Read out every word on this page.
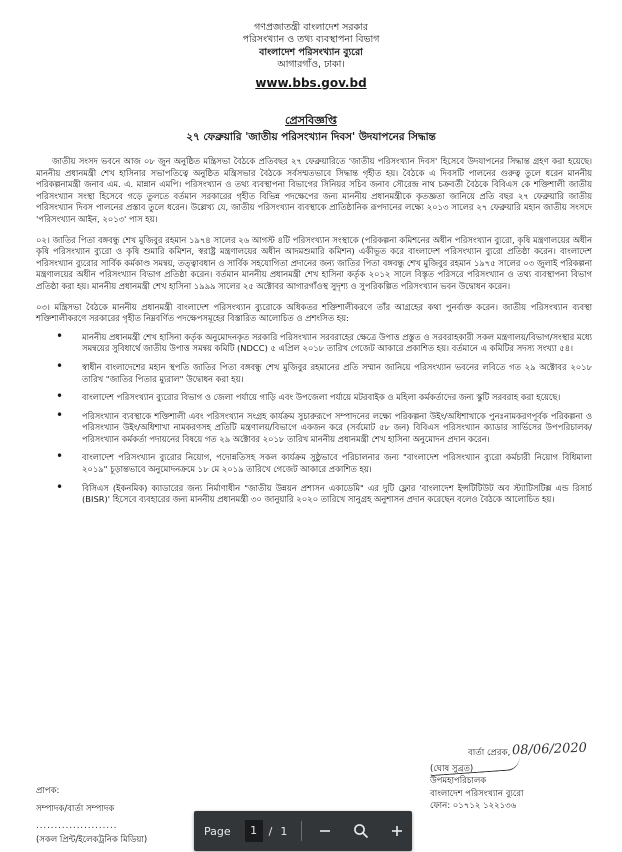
গণপ্রজাতন্ত্রী বাংলাদেশ সরকার
পরিসংখ্যান ও তথ্য ব্যবস্থাপনা বিভাগ
বাংলাদেশ পরিসংখ্যান ব্যুরো
আগারগাঁও, ঢাকা।
www.bbs.gov.bd
প্রেসবিজ্ঞপ্তি
২৭ ফেব্রুয়ারি 'জাতীয় পরিসংখ্যান দিবস' উদযাপনের সিদ্ধান্ত

জাতীয় সংসদ ভবনে আজ ০৮ জুন অনুষ্ঠিত মন্ত্রিসভা বৈঠকে প্রতিবছর ২৭ ফেব্রুয়ারিতে 'জাতীয় পরিসংখ্যান দিবস' হিসেবে উদযাপনের সিদ্ধান্ত গ্রহণ করা হয়েছে। মাননীয় প্রধানমন্ত্রী শেখ হাসিনার সভাপতিত্বে অনুষ্ঠিত মন্ত্রিসভার বৈঠকে সর্বসম্মতভাবে সিদ্ধান্ত গৃহীত হয়। বৈঠকে এ দিবসটি পালনের গুরুত্ব তুলে ধরেন মাননীয় পরিকল্পনামন্ত্রী জনাব এম. এ. মান্নান এমপি। পরিসংখ্যান ও তথ্য ব্যবস্থাপনা বিভাগের সিনিয়র সচিব জনাব সৌরেন্দ্র নাথ চক্রবর্তী বৈঠকে বিবিএস কে শক্তিশালী জাতীয় পরিসংখ্যান সংস্থা হিসেবে গড়ে তুলতে বর্তমান সরকারের গৃহীত বিভিন্ন পদক্ষেপের জন্য মাননীয় প্রধানমন্ত্রীকে কৃতজ্ঞতা জানিয়ে প্রতি বছর ২৭ ফেব্রুয়ারি জাতীয় পরিসংখ্যান দিবস পালনের প্রস্তাব তুলে ধরেন। উল্লেখ্য যে, জাতীয় পরিসংখ্যান ব্যবস্থাকে প্রাতিষ্ঠানিক রূপদানের লক্ষ্যে ২০১৩ সালের ২৭ ফেব্রুয়ারি মহান জাতীয় সংসদে 'পরিসংখ্যান আইন, ২০১৩' পাস হয়।

০২। জাতির পিতা বঙ্গবন্ধু শেখ মুজিবুর রহমান ১৯৭৪ সালের ২৬ আগস্ট ৪টি পরিসংখ্যান সংস্থাকে (পরিকল্পনা কমিশনের অধীন পরিসংখ্যান ব্যুরো, কৃষি মন্ত্রণালয়ের অধীন কৃষি পরিসংখ্যান ব্যুরো ও কৃষি শুমারি কমিশন, স্বরাষ্ট্র মন্ত্রণালয়ের অধীন আদমশুমারি কমিশন) একীভূত করে বাংলাদেশ পরিসংখ্যান ব্যুরো প্রতিষ্ঠা করেন। বাংলাদেশ পরিসংখ্যান ব্যুরোর সার্বিক কর্মকাণ্ড সমন্বয়, তত্ত্বাবধান ও সার্বিক সহযোগিতা প্রদানের জন্য জাতির পিতা বঙ্গবন্ধু শেখ মুজিবুর রহমান ১৯৭৫ সালের ০৩ জুলাই পরিকল্পনা মন্ত্রণালয়ের অধীন পরিসংখ্যান বিভাগ প্রতিষ্ঠা করেন। বর্তমান মাননীয় প্রধানমন্ত্রী শেখ হাসিনা কর্তৃক ২০১২ সালে বিস্তৃত পরিসরে পরিসংখ্যান ও তথ্য ব্যবস্থাপনা বিভাগ প্রতিষ্ঠা করা হয়। মাননীয় প্রধানমন্ত্রী শেখ হাসিনা ১৯৯৯ সালের ২৫ অক্টোবর আগারগাঁওস্থ সুদৃশ্য ও সুপরিকল্পিত পরিসংখ্যান ভবন উদ্বোধন করেন।

০৩। মন্ত্রিসভা বৈঠকে মাননীয় প্রধানমন্ত্রী বাংলাদেশ পরিসংখ্যান ব্যুরোকে অধিকতর শক্তিশালীকরণে তাঁর আগ্রহের কথা পুনর্ব্যক্ত করেন। জাতীয় পরিসংখ্যান ব্যবস্থা শক্তিশালীকরণে সরকারের গৃহীত নিম্নবর্ণিত পদক্ষেপসমূহের বিস্তারিত আলোচিত ও প্রশংসিত হয়:

• মাননীয় প্রধানমন্ত্রী শেখ হাসিনা কর্তৃক অনুমোদনকৃত সরকারি পরিসংখ্যান সরবরাহের ক্ষেত্রে উপাত্ত প্রস্তুত ও সরবরাহকারী সকল মন্ত্রণালয়/বিভাগ/সংস্থার মধ্যে সমন্বয়ের সুবিধার্থে জাতীয় উপাত্ত সমন্বয় কমিটি (NDCC) ৫ এপ্রিল ২০১৮ তারিখ গেজেট আকারে প্রকাশিত হয়। বর্তমানে এ কমিটির সদস্য সংখ্যা ৫৪।
• স্বাধীন বাংলাদেশের মহান স্থপতি জাতির পিতা বঙ্গবন্ধু শেখ মুজিবুর রহমানের প্রতি সম্মান জানিয়ে পরিসংখ্যান ভবনের লবিতে গত ২৯ অক্টোবর ২০১৮ তারিখ "জাতির পিতার ম্যুরাল" উদ্বোধন করা হয়।
• বাংলাদেশ পরিসংখ্যান ব্যুরোর বিভাগ ও জেলা পর্যায়ে গাড়ি এবং উপজেলা পর্যায়ে মটরবাইক ও মহিলা কর্মকর্তাদের জন্য স্কুটি সরবরাহ করা হয়েছে।
• পরিসংখ্যান ব্যবস্থাকে শক্তিশালী এবং পরিসংখ্যান সংগ্রহ কার্যক্রম সুচারুরূপে সম্পাদনের লক্ষ্যে পরিকল্পনা উইং/অধিশাখাকে পুনঃনামকরণপূর্বক পরিকল্পনা ও পরিসংখ্যান উইং/অধিশাখা নামকরণসহ প্রতিটি মন্ত্রণালয়/বিভাগে একজন করে (সর্বমোট ৫৮ জন) বিবিএস পরিসংখ্যান ক্যাডার সার্ভিসের উপপরিচালক/পরিসংখ্যান কর্মকর্তা পদায়নের বিষয়ে গত ২৯ অক্টোবর ২০১৮ তারিখ মাননীয় প্রধানমন্ত্রী শেখ হাসিনা অনুমোদন প্রদান করেন।
• বাংলাদেশ পরিসংখ্যান ব্যুরোর নিয়োগ, পদোন্নতিসহ সকল কার্যক্রম সুষ্ঠুভাবে পরিচালনার জন্য "বাংলাদেশ পরিসংখ্যান ব্যুরো কর্মচারী নিয়োগ বিধিমালা ২০১৯" চূড়ান্তভাবে অনুমোদনক্রমে ১৮ মে ২০১৯ তারিখে গেজেট আকারে প্রকাশিত হয়।
• বিসিএস (ইকনমিক) ক্যাডারের জন্য নির্মাণাধীন "জাতীয় উন্নয়ন প্রশাসন একাডেমি" এর দুটি ফ্লোর 'বাংলাদেশ ইন্সটিটিউট অব স্ট্যাটিসটিক্স এন্ড রিসার্চ (BISR)' হিসেবে ব্যবহারের জন্য মাননীয় প্রধানমন্ত্রী ৩০ জানুয়ারি ২০২০ তারিখে সানুগ্রহ অনুশাসন প্রদান করেছেন বলেও বৈঠকে আলোচিত হয়।
বার্তা প্রেরক, 08/06/2020
(ঘোষ সুব্রত)
উপমহাপরিচালক
বাংলাদেশ পরিসংখ্যান ব্যুরো
ফোন: ০১৭১২ ১২২১৩৬
প্রাপক:
সম্পাদক/বার্তা সম্পাদক
......................
(সকল প্রিন্ট/ইলেকট্রনিক মিডিয়া)
Page	1	/ 1
